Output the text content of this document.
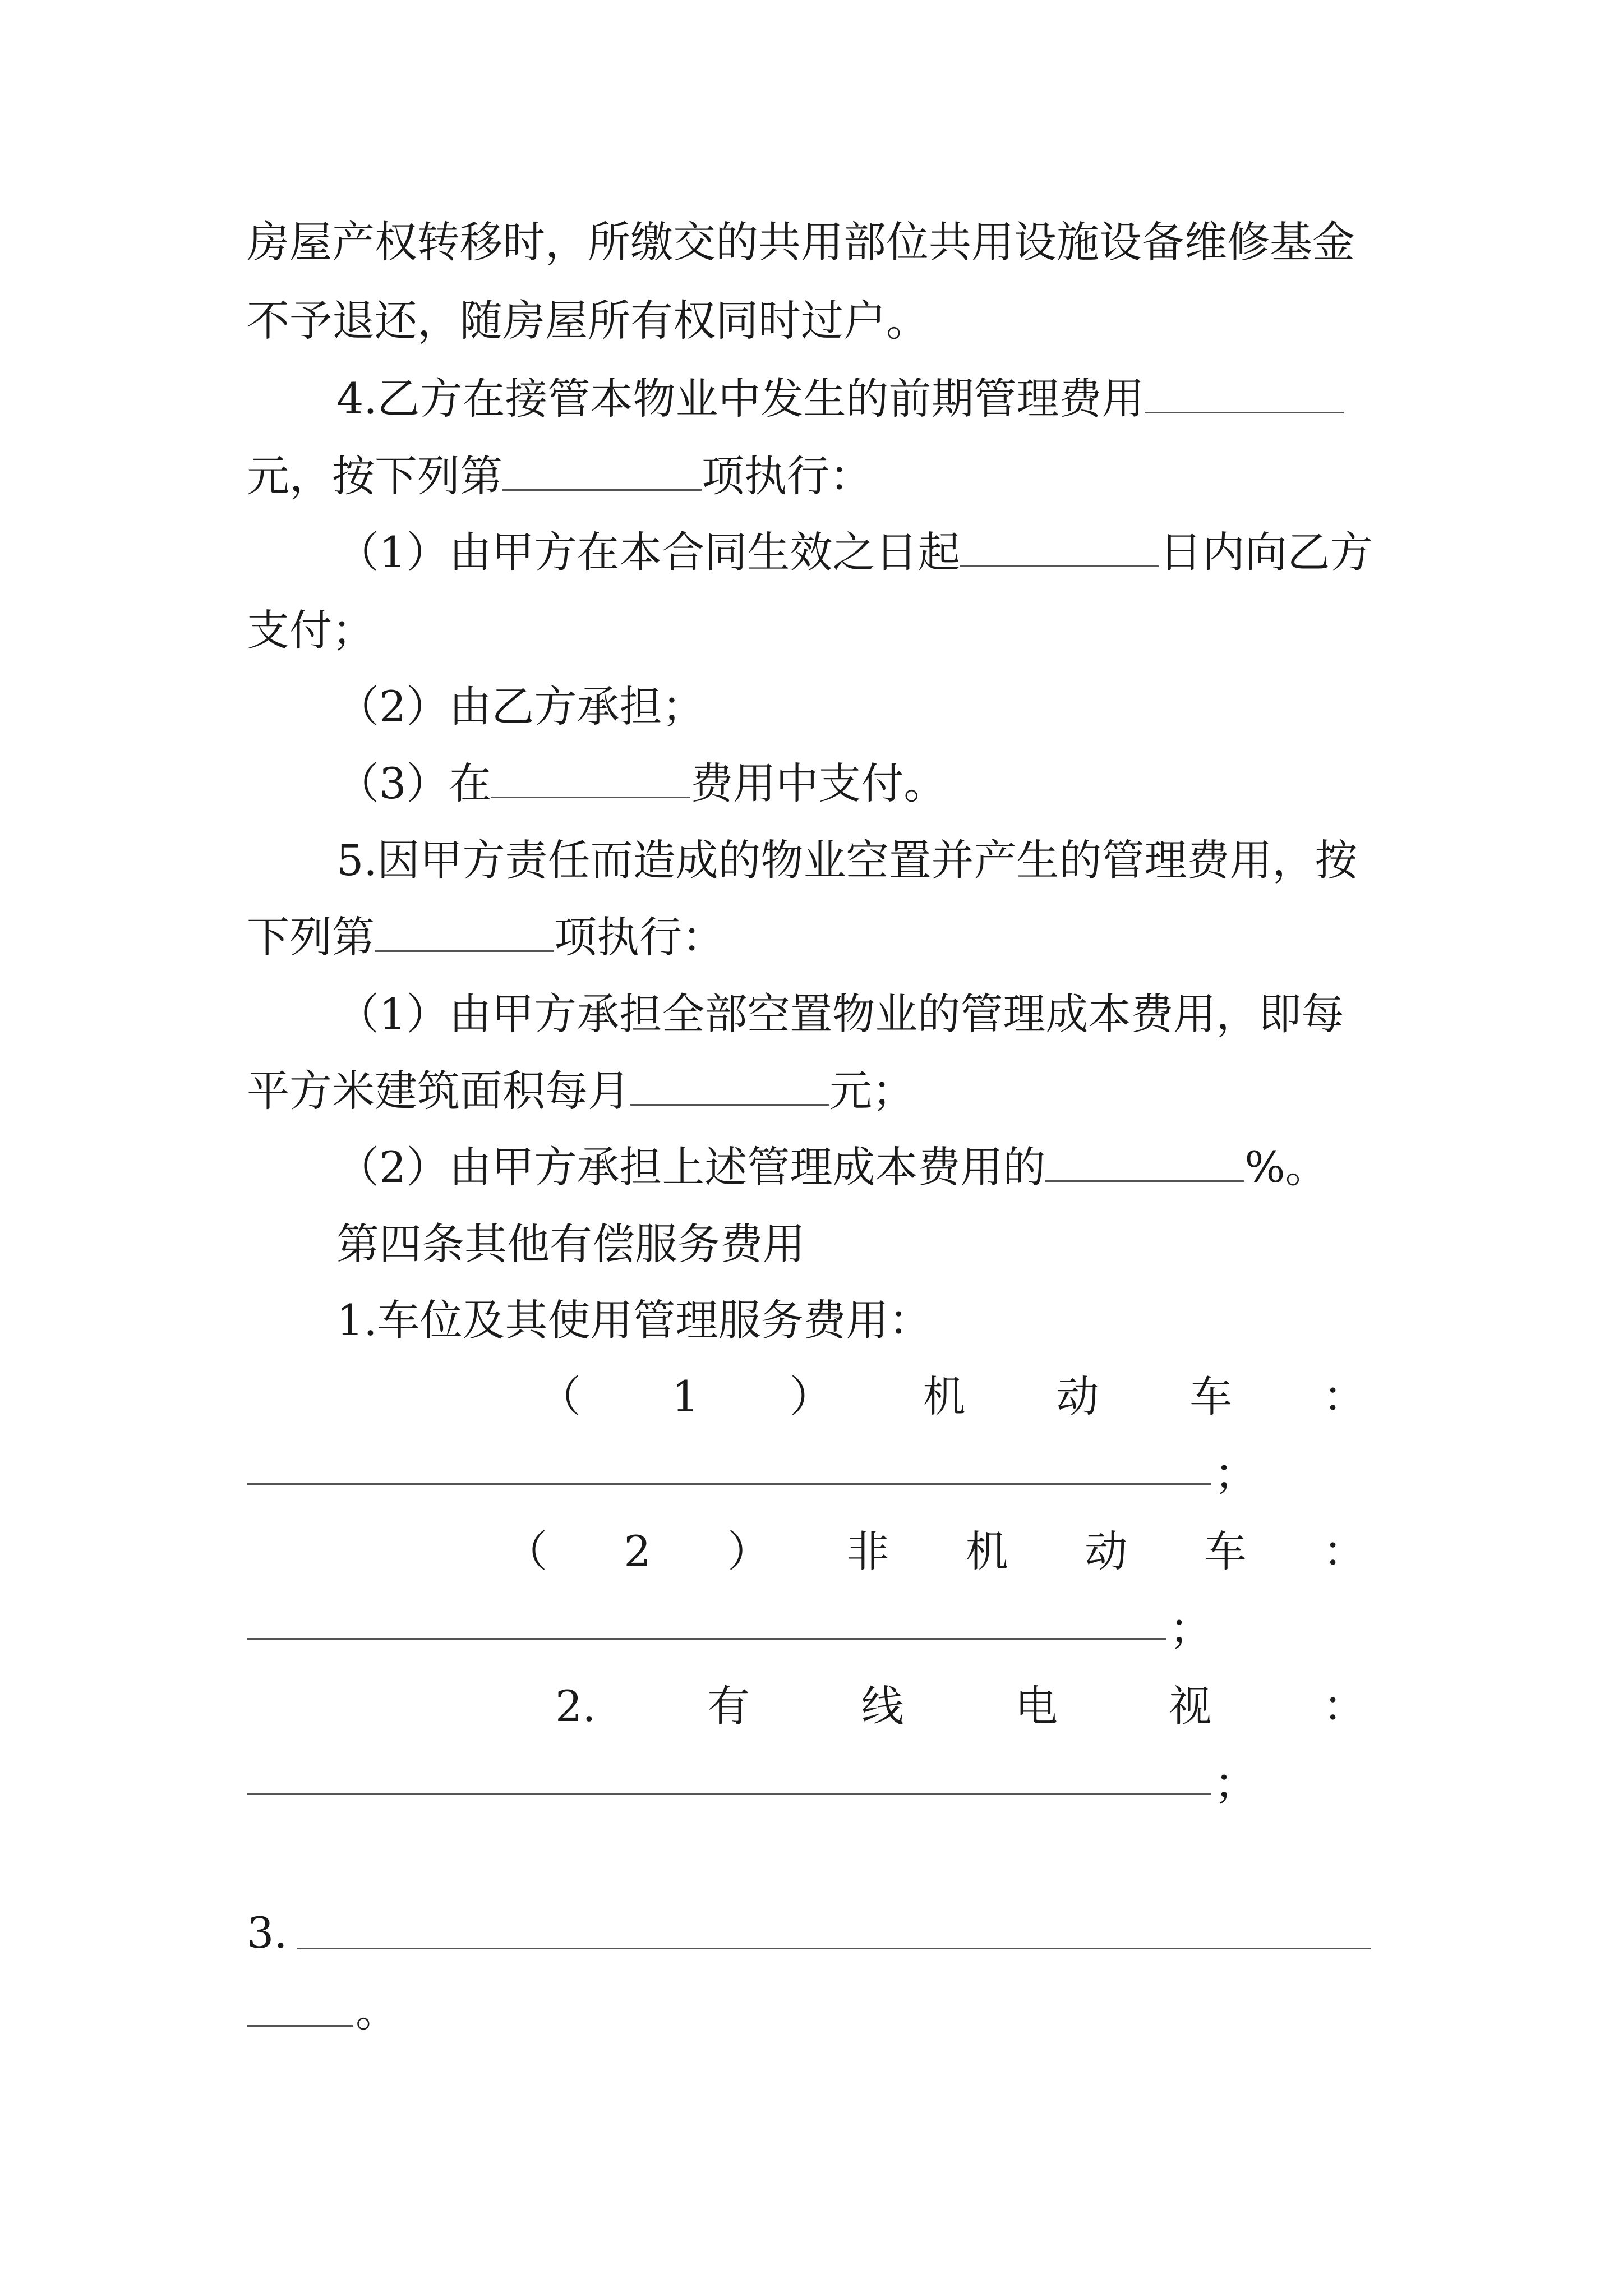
房屋产权转移时，所缴交的共用部位共用设施设备维修基金
不予退还，随房屋所有权同时过户。
4.乙方在接管本物业中发生的前期管理费用
元，按下列第	项执行：
（1）由甲方在本合同生效之日起	日内向乙方
支付；
（2）由乙方承担；
（3）在	费用中支付。
5.因甲方责任而造成的物业空置并产生的管理费用，按
下列第	项执行：
（1）由甲方承担全部空置物业的管理成本费用，即每
平方米建筑面积每月	元；
（2）由甲方承担上述管理成本费用的	%。
第四条其他有偿服务费用
1.车位及其使用管理服务费用：
（ 1 ） 机 动 车 ：
；
（ 2 ） 非 机 动 车 ：
；
2.	有	线	电	视	：
；
3.
。
